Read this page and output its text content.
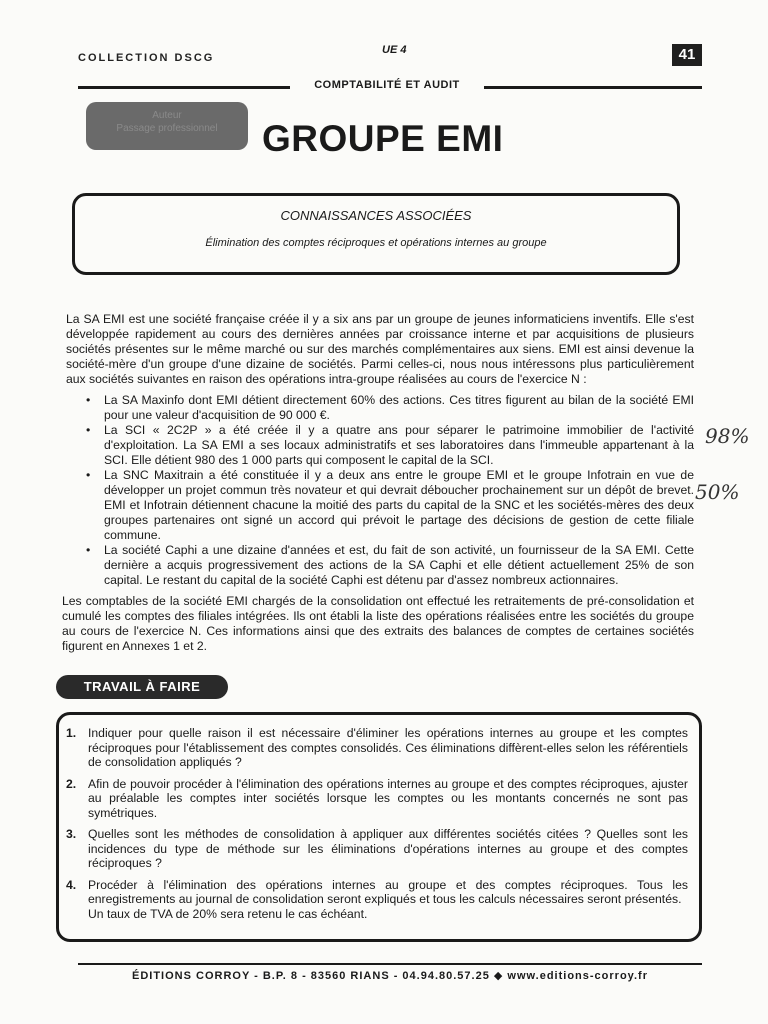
COLLECTION DSCG
UE 4	41
COMPTABILITÉ ET AUDIT
Auteur
Passage professionnel	GROUPE EMI
CONNAISSANCES ASSOCIÉES
Élimination des comptes réciproques et opérations internes au groupe
La SA EMI est une société française créée il y a six ans par un groupe de jeunes informaticiens inventifs. Elle s'est développée rapidement au cours des dernières années par croissance interne et par acquisitions de plusieurs sociétés présentes sur le même marché ou sur des marchés complémentaires aux siens. EMI est ainsi devenue la société-mère d'un groupe d'une dizaine de sociétés. Parmi celles-ci, nous nous intéressons plus particulièrement aux sociétés suivantes en raison des opérations intra-groupe réalisées au cours de l'exercice N :
• La SA Maxinfo dont EMI détient directement 60% des actions. Ces titres figurent au bilan de la société EMI pour une valeur d'acquisition de 90 000 €.
• La SCI « 2C2P » a été créée il y a quatre ans pour séparer le patrimoine immobilier de l'activité d'exploitation. La SA EMI a ses locaux administratifs et ses laboratoires dans l'immeuble appartenant à la SCI. Elle détient 980 des 1 000 parts qui composent le capital de la SCI.
• La SNC Maxitrain a été constituée il y a deux ans entre le groupe EMI et le groupe Infotrain en vue de développer un projet commun très novateur et qui devrait déboucher prochainement sur un dépôt de brevet. EMI et Infotrain détiennent chacune la moitié des parts du capital de la SNC et les sociétés-mères des deux groupes partenaires ont signé un accord qui prévoit le partage des décisions de gestion de cette filiale commune.
• La société Caphi a une dizaine d'années et est, du fait de son activité, un fournisseur de la SA EMI. Cette dernière a acquis progressivement des actions de la SA Caphi et elle détient actuellement 25% de son capital. Le restant du capital de la société Caphi est détenu par d'assez nombreux actionnaires.
98%
50%
Les comptables de la société EMI chargés de la consolidation ont effectué les retraitements de pré-consolidation et cumulé les comptes des filiales intégrées. Ils ont établi la liste des opérations réalisées entre les sociétés du groupe au cours de l'exercice N. Ces informations ainsi que des extraits des balances de comptes de certaines sociétés figurent en Annexes 1 et 2.
TRAVAIL À FAIRE
1. Indiquer pour quelle raison il est nécessaire d'éliminer les opérations internes au groupe et les comptes réciproques pour l'établissement des comptes consolidés. Ces éliminations diffèrent-elles selon les référentiels de consolidation appliqués ?
2. Afin de pouvoir procéder à l'élimination des opérations internes au groupe et des comptes réciproques, ajuster au préalable les comptes inter sociétés lorsque les comptes ou les montants concernés ne sont pas symétriques.
3. Quelles sont les méthodes de consolidation à appliquer aux différentes sociétés citées ? Quelles sont les incidences du type de méthode sur les éliminations d'opérations internes au groupe et des comptes réciproques ?
4. Procéder à l'élimination des opérations internes au groupe et des comptes réciproques. Tous les enregistrements au journal de consolidation seront expliqués et tous les calculs nécessaires seront présentés.
Un taux de TVA de 20% sera retenu le cas échéant.
ÉDITIONS CORROY - B.P. 8 - 83560 RIANS - 04.94.80.57.25 ◆ www.editions-corroy.fr
